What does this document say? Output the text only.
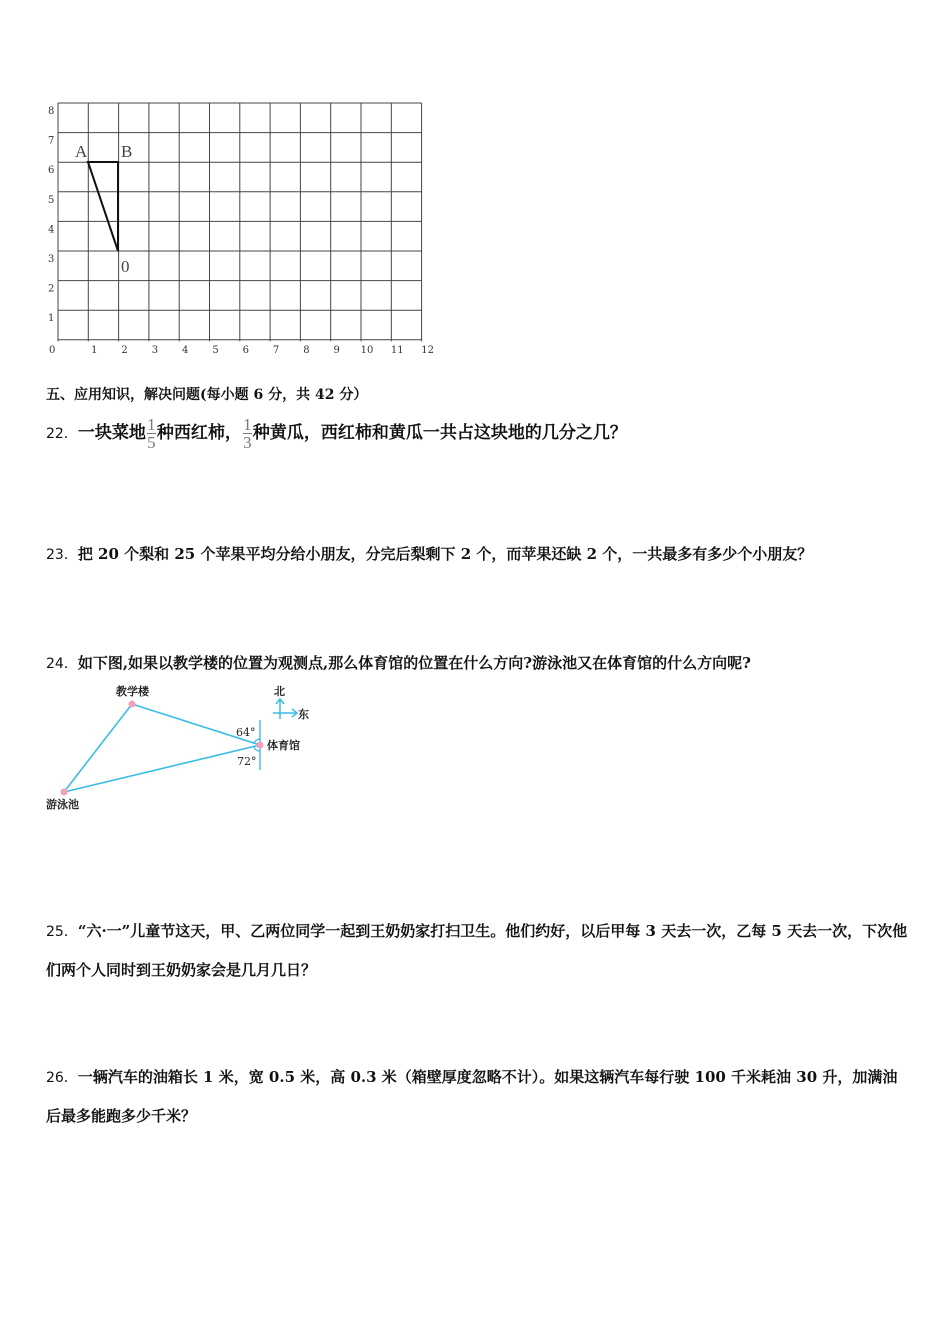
8
7
6
5
4
3
2
1
0	1 2 3 4 5 6 7 8 9 10 11 12
A B
0
五、应用知识，解决问题(每小题 6 分，共 42 分）
22．一块菜地 $\frac{1}{5}$ 种西红柿， $\frac{1}{3}$ 种黄瓜，西红柿和黄瓜一共占这块地的几分之几？
23．把 20 个梨和 25 个苹果平均分给小朋友，分完后梨剩下 2 个，而苹果还缺 2 个，一共最多有多少个小朋友？
24．如下图,如果以教学楼的位置为观测点,那么体育馆的位置在什么方向?游泳池又在体育馆的什么方向呢?
教学楼
体育馆
游泳池
64°
72°
北
东
25．“六·一”儿童节这天，甲、乙两位同学一起到王奶奶家打扫卫生。他们约好，以后甲每 3 天去一次，乙每 5 天去一次，下次他们两个人同时到王奶奶家会是几月几日？
26．一辆汽车的油箱长 1 米，宽 0.5 米，高 0.3 米（箱壁厚度忽略不计）。如果这辆汽车每行驶 100 千米耗油 30 升，加满油后最多能跑多少千米？
